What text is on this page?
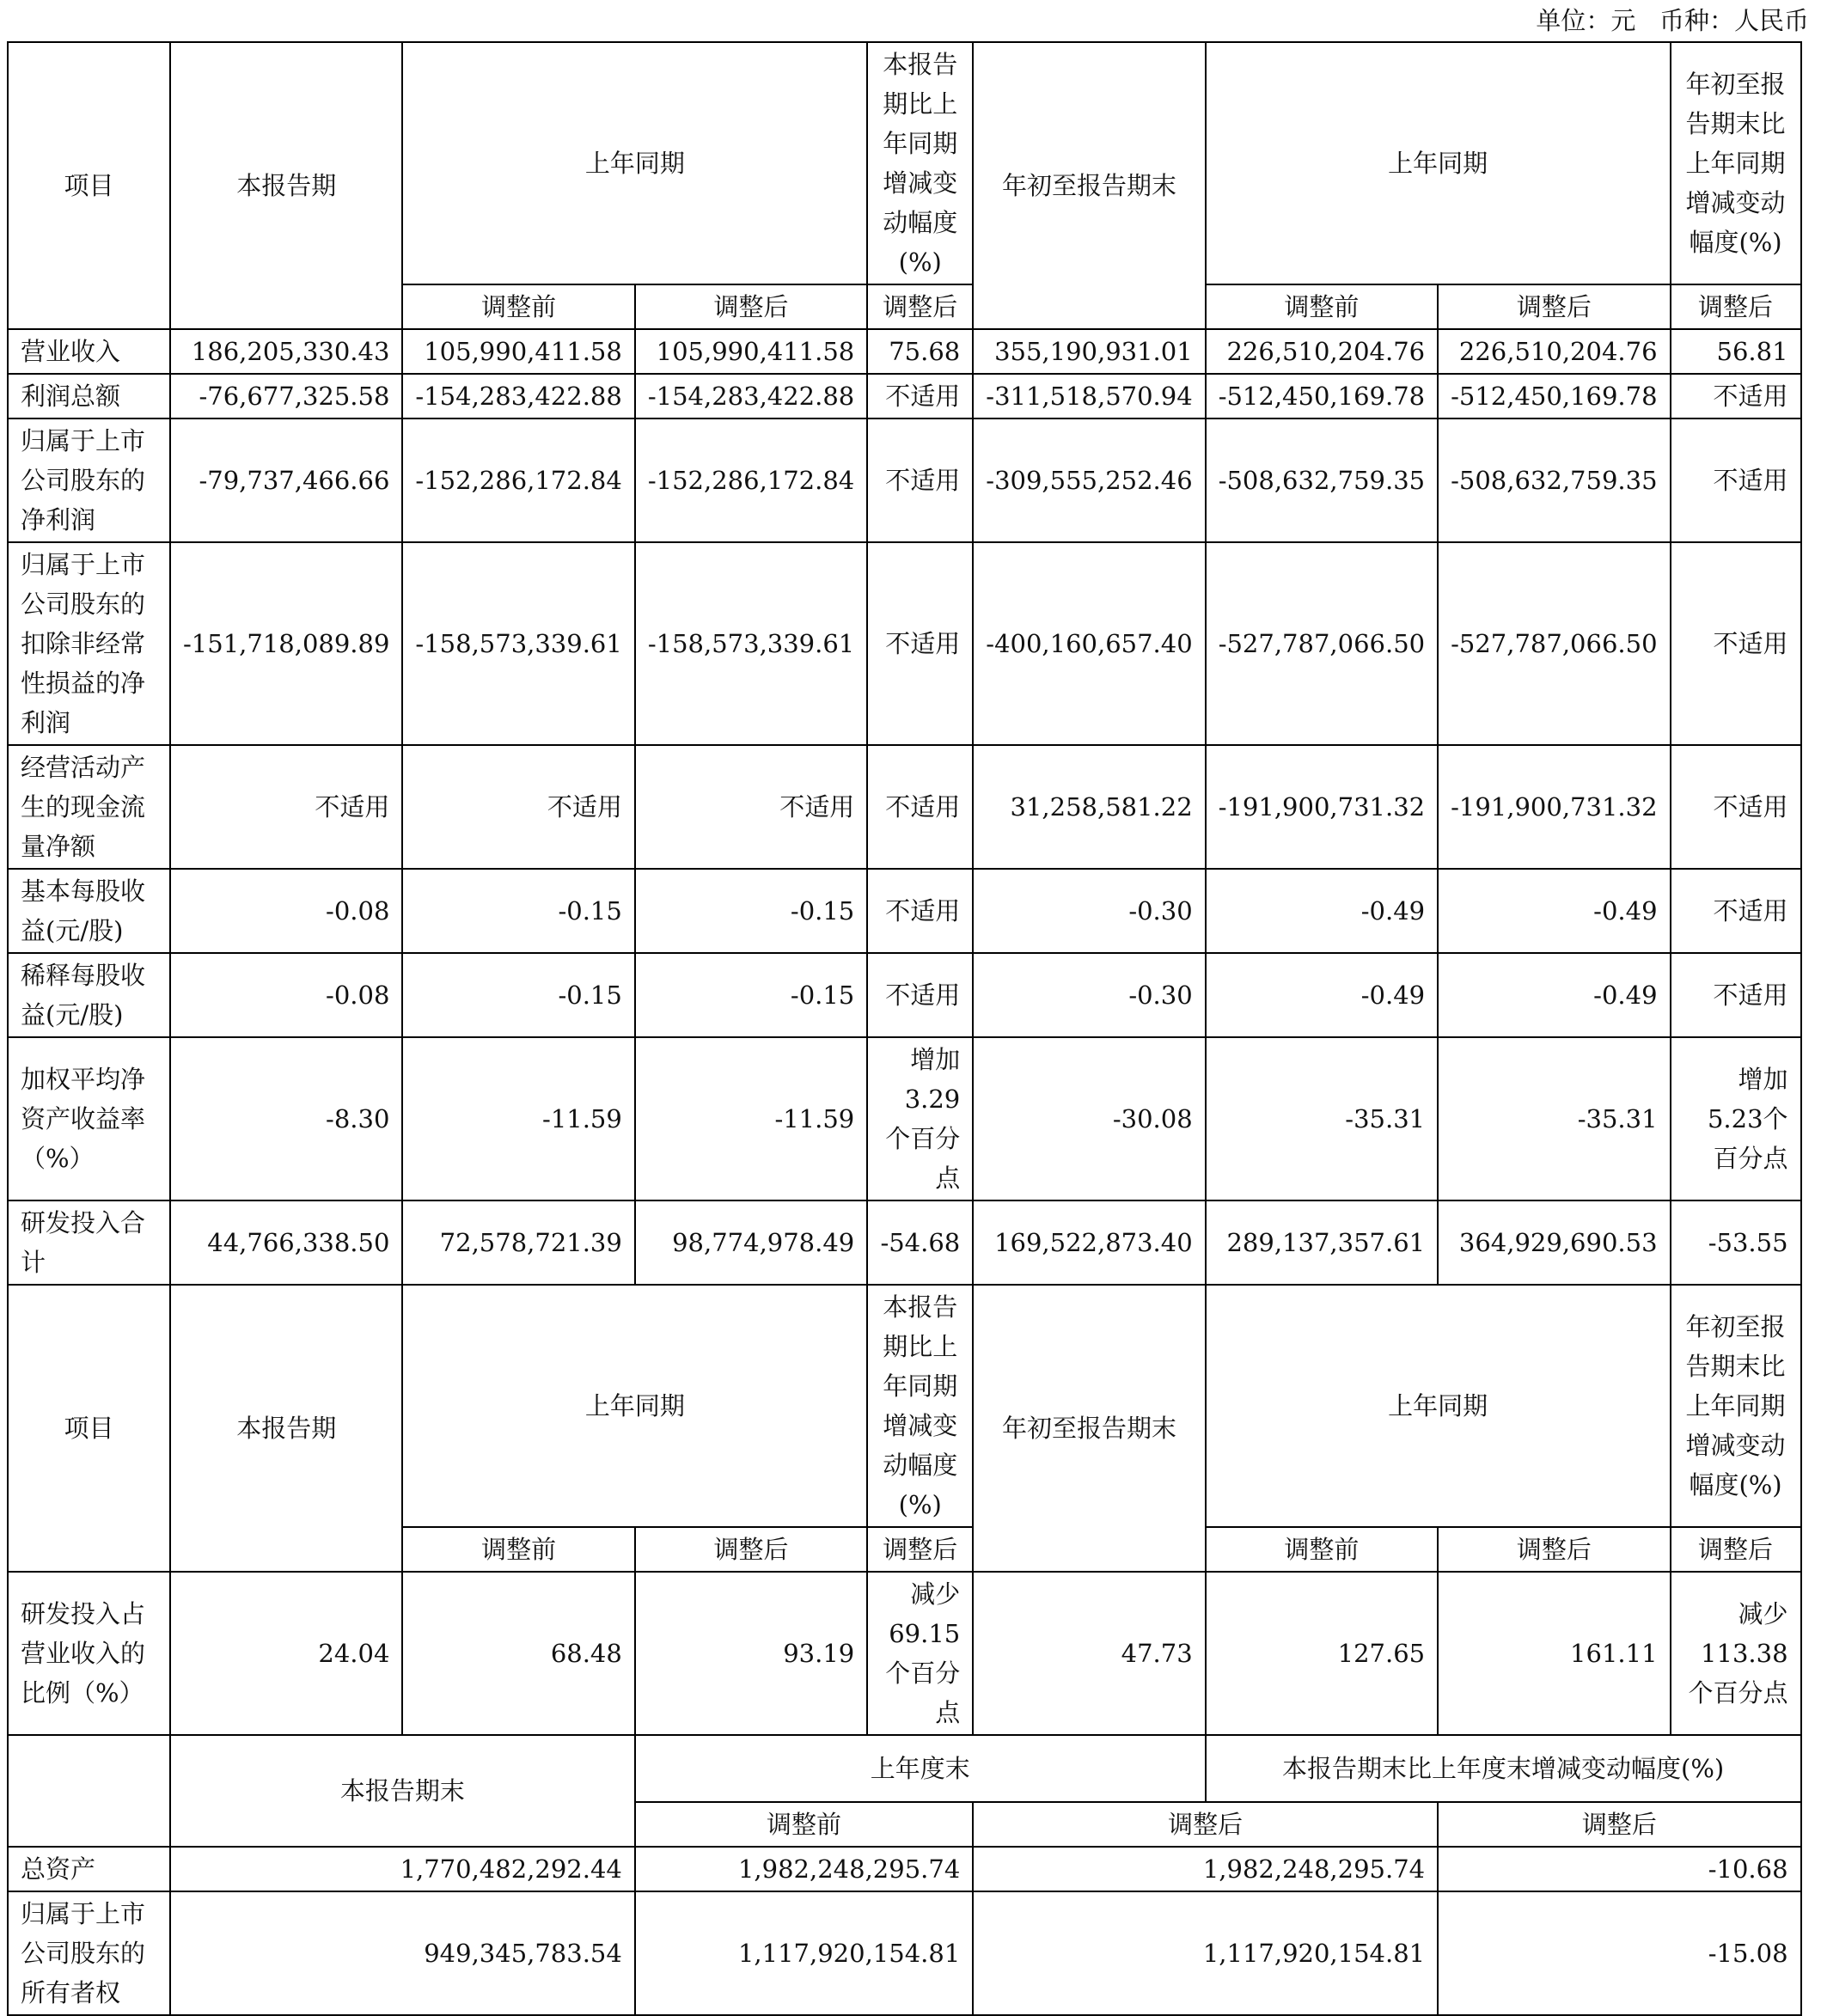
单位：元   币种：人民币
项目	本报告期	上年同期		本报告期比上年同期增减变动幅度(%)	年初至报告期末	上年同期		年初至报告期末比上年同期增减变动幅度(%)
		调整前	调整后	调整后		调整前	调整后	调整后
营业收入	186,205,330.43	105,990,411.58	105,990,411.58	75.68	355,190,931.01	226,510,204.76	226,510,204.76	56.81
利润总额	-76,677,325.58	-154,283,422.88	-154,283,422.88	不适用	-311,518,570.94	-512,450,169.78	-512,450,169.78	不适用
归属于上市公司股东的净利润	-79,737,466.66	-152,286,172.84	-152,286,172.84	不适用	-309,555,252.46	-508,632,759.35	-508,632,759.35	不适用
归属于上市公司股东的扣除非经常性损益的净利润	-151,718,089.89	-158,573,339.61	-158,573,339.61	不适用	-400,160,657.40	-527,787,066.50	-527,787,066.50	不适用
经营活动产生的现金流量净额	不适用	不适用	不适用	不适用	31,258,581.22	-191,900,731.32	-191,900,731.32	不适用
基本每股收益(元/股)	-0.08	-0.15	-0.15	不适用	-0.30	-0.49	-0.49	不适用
稀释每股收益(元/股)	-0.08	-0.15	-0.15	不适用	-0.30	-0.49	-0.49	不适用
加权平均净资产收益率（%）	-8.30	-11.59	-11.59	增加 3.29 个百分点	-30.08	-35.31	-35.31	增加5.23个百分点
研发投入合计	44,766,338.50	72,578,721.39	98,774,978.49	-54.68	169,522,873.40	289,137,357.61	364,929,690.53	-53.55
项目	本报告期	上年同期		本报告期比上年同期增减变动幅度(%)	年初至报告期末	上年同期		年初至报告期末比上年同期增减变动幅度(%)
		调整前	调整后	调整后		调整前	调整后	调整后
研发投入占营业收入的比例（%）	24.04	68.48	93.19	减少 69.15 个百分点	47.73	127.65	161.11	减少113.38个百分点
	本报告期末		上年度末			本报告期末比上年度末增减变动幅度(%)		
			调整前		调整后		调整后	
总资产	1,770,482,292.44		1,982,248,295.74		1,982,248,295.74		-10.68	
归属于上市公司股东的所有者权	949,345,783.54		1,117,920,154.81		1,117,920,154.81		-15.08	
